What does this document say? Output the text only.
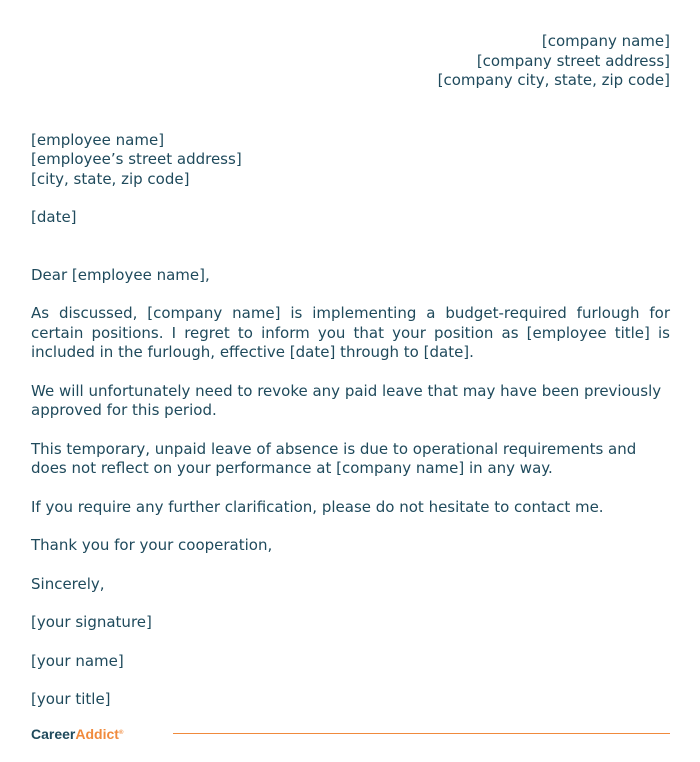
[company name]
[company street address]
[company city, state, zip code]
[employee name]
[employee’s street address]
[city, state, zip code]
[date]
Dear [employee name],

As discussed, [company name] is implementing a budget-required furlough for certain positions. I regret to inform you that your position as [employee title] is included in the furlough, effective [date] through to [date].

We will unfortunately need to revoke any paid leave that may have been previously approved for this period.

This temporary, unpaid leave of absence is due to operational requirements and does not reflect on your performance at [company name] in any way.

If you require any further clarification, please do not hesitate to contact me.

Thank you for your cooperation,

Sincerely,

[your signature]

[your name]

[your title]

CareerAddict®
